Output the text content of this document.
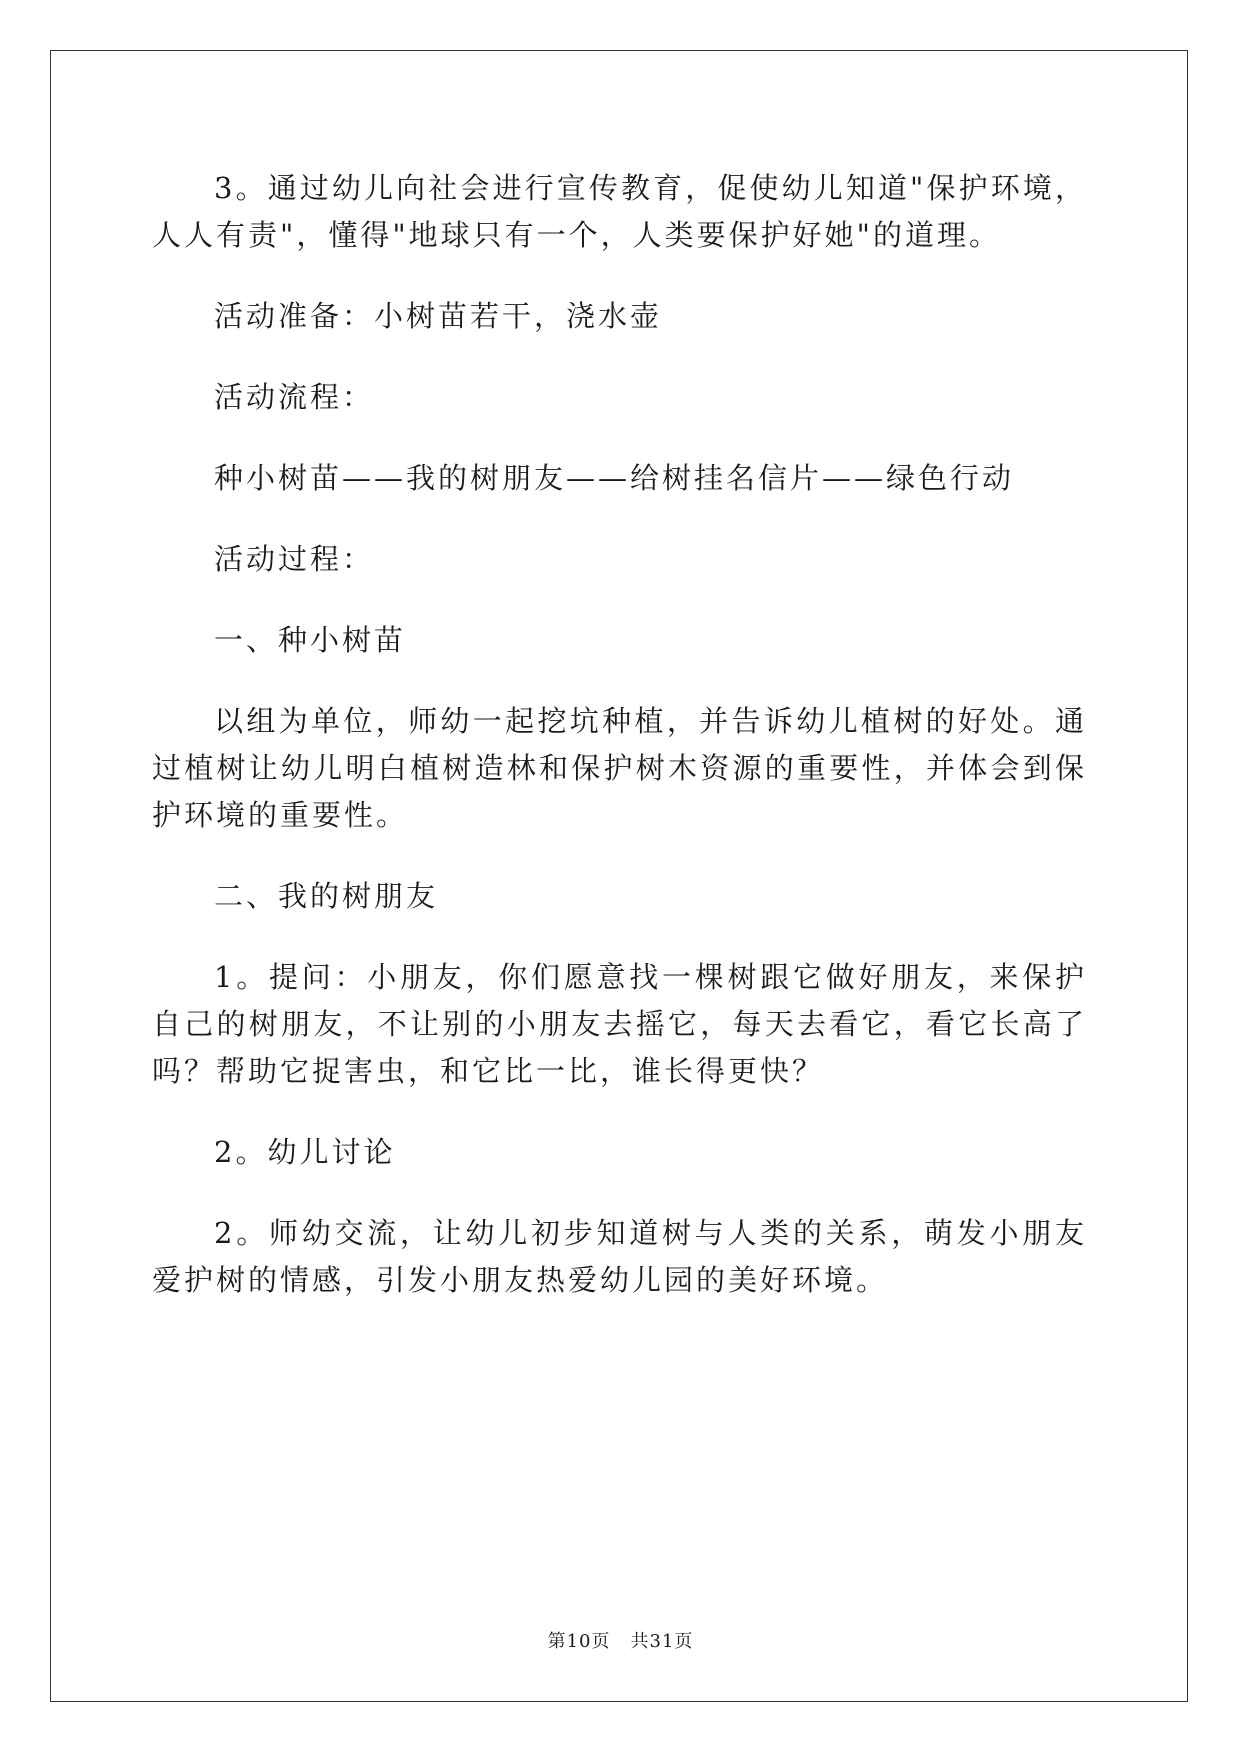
3。通过幼儿向社会进行宣传教育，促使幼儿知道"保护环境，人人有责"，懂得"地球只有一个，人类要保护好她"的道理。

活动准备：小树苗若干，浇水壶

活动流程：

种小树苗——我的树朋友——给树挂名信片——绿色行动

活动过程：

一、种小树苗

以组为单位，师幼一起挖坑种植，并告诉幼儿植树的好处。通过植树让幼儿明白植树造林和保护树木资源的重要性，并体会到保护环境的重要性。

二、我的树朋友

1。提问：小朋友，你们愿意找一棵树跟它做好朋友，来保护自己的树朋友，不让别的小朋友去摇它，每天去看它，看它长高了吗？帮助它捉害虫，和它比一比，谁长得更快？

2。幼儿讨论

2。师幼交流，让幼儿初步知道树与人类的关系，萌发小朋友爱护树的情感，引发小朋友热爱幼儿园的美好环境。

第10页 共31页
